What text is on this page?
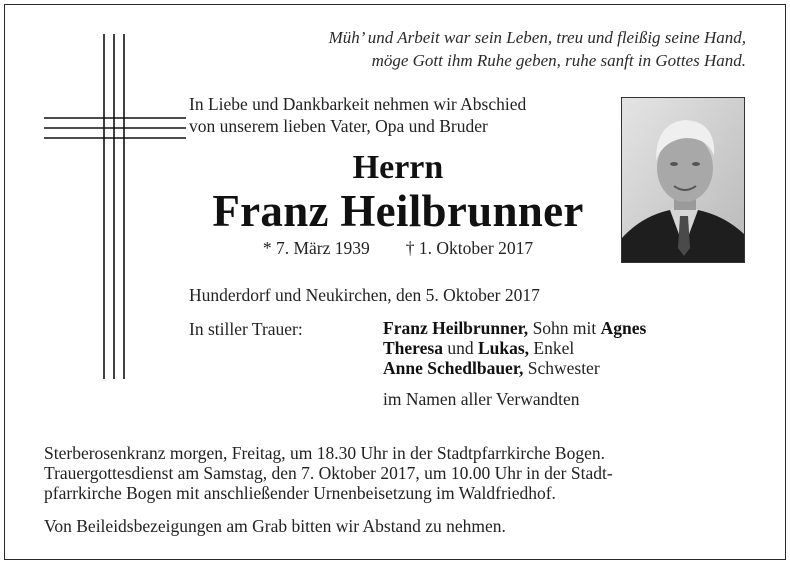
Müh’ und Arbeit war sein Leben, treu und fleißig seine Hand,
möge Gott ihm Ruhe geben, ruhe sanft in Gottes Hand.
In Liebe und Dankbarkeit nehmen wir Abschied
von unserem lieben Vater, Opa und Bruder
Herrn
Franz Heilbrunner
* 7. März 1939 † 1. Oktober 2017
Hunderdorf und Neukirchen, den 5. Oktober 2017
In stiller Trauer:	Franz Heilbrunner, Sohn mit Agnes
Theresa und Lukas, Enkel
Anne Schedlbauer, Schwester
im Namen aller Verwandten
Sterberosenkranz morgen, Freitag, um 18.30 Uhr in der Stadtpfarrkirche Bogen.
Trauergottesdienst am Samstag, den 7. Oktober 2017, um 10.00 Uhr in der Stadt-
pfarrkirche Bogen mit anschließender Urnenbeisetzung im Waldfriedhof.
Von Beileidsbezeigungen am Grab bitten wir Abstand zu nehmen.
